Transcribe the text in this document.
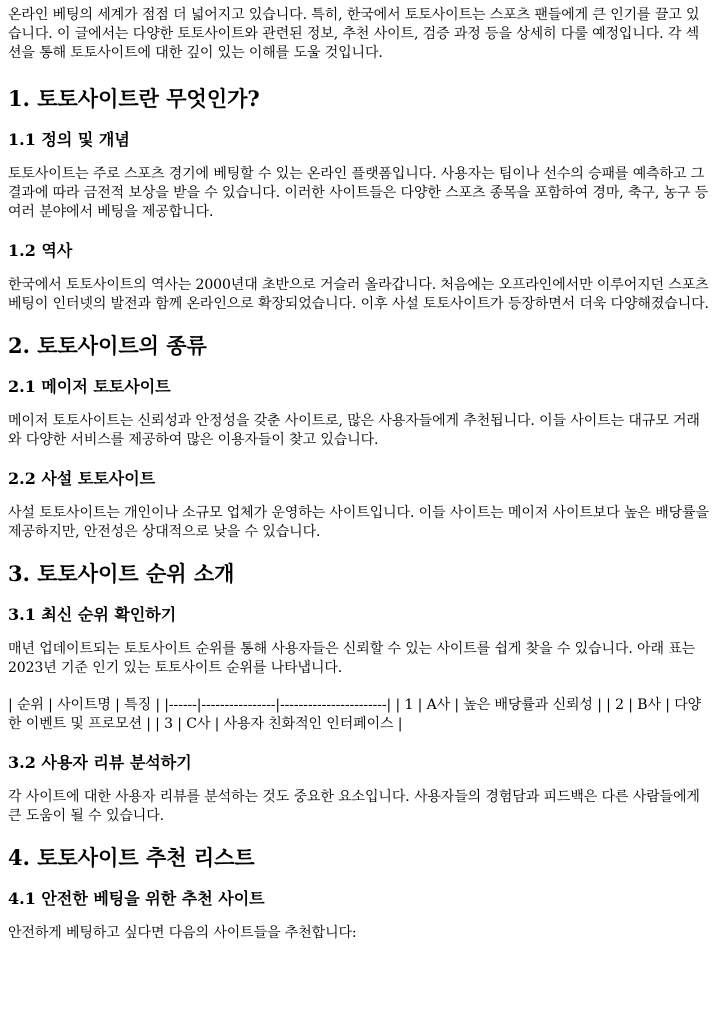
온라인 베팅의 세계가 점점 더 넓어지고 있습니다. 특히, 한국에서 토토사이트는 스포츠 팬들에게 큰 인기를 끌고 있습니다. 이 글에서는 다양한 토토사이트와 관련된 정보, 추천 사이트, 검증 과정 등을 상세히 다룰 예정입니다. 각 섹션을 통해 토토사이트에 대한 깊이 있는 이해를 도울 것입니다.

1. 토토사이트란 무엇인가?
1.1 정의 및 개념

토토사이트는 주로 스포츠 경기에 베팅할 수 있는 온라인 플랫폼입니다. 사용자는 팀이나 선수의 승패를 예측하고 그 결과에 따라 금전적 보상을 받을 수 있습니다. 이러한 사이트들은 다양한 스포츠 종목을 포함하여 경마, 축구, 농구 등 여러 분야에서 베팅을 제공합니다.

1.2 역사

한국에서 토토사이트의 역사는 2000년대 초반으로 거슬러 올라갑니다. 처음에는 오프라인에서만 이루어지던 스포츠 베팅이 인터넷의 발전과 함께 온라인으로 확장되었습니다. 이후 사설 토토사이트가 등장하면서 더욱 다양해졌습니다.

2. 토토사이트의 종류
2.1 메이저 토토사이트

메이저 토토사이트는 신뢰성과 안정성을 갖춘 사이트로, 많은 사용자들에게 추천됩니다. 이들 사이트는 대규모 거래와 다양한 서비스를 제공하여 많은 이용자들이 찾고 있습니다.

2.2 사설 토토사이트

사설 토토사이트는 개인이나 소규모 업체가 운영하는 사이트입니다. 이들 사이트는 메이저 사이트보다 높은 배당률을 제공하지만, 안전성은 상대적으로 낮을 수 있습니다.

3. 토토사이트 순위 소개
3.1 최신 순위 확인하기

매년 업데이트되는 토토사이트 순위를 통해 사용자들은 신뢰할 수 있는 사이트를 쉽게 찾을 수 있습니다. 아래 표는 2023년 기준 인기 있는 토토사이트 순위를 나타냅니다.

| 순위 | 사이트명 | 특징 | |------|----------------|-----------------------| | 1 | A사 | 높은 배당률과 신뢰성 | | 2 | B사 | 다양한 이벤트 및 프로모션 | | 3 | C사 | 사용자 친화적인 인터페이스 |

3.2 사용자 리뷰 분석하기

각 사이트에 대한 사용자 리뷰를 분석하는 것도 중요한 요소입니다. 사용자들의 경험담과 피드백은 다른 사람들에게 큰 도움이 될 수 있습니다.

4. 토토사이트 추천 리스트
4.1 안전한 베팅을 위한 추천 사이트

안전하게 베팅하고 싶다면 다음의 사이트들을 추천합니다:
